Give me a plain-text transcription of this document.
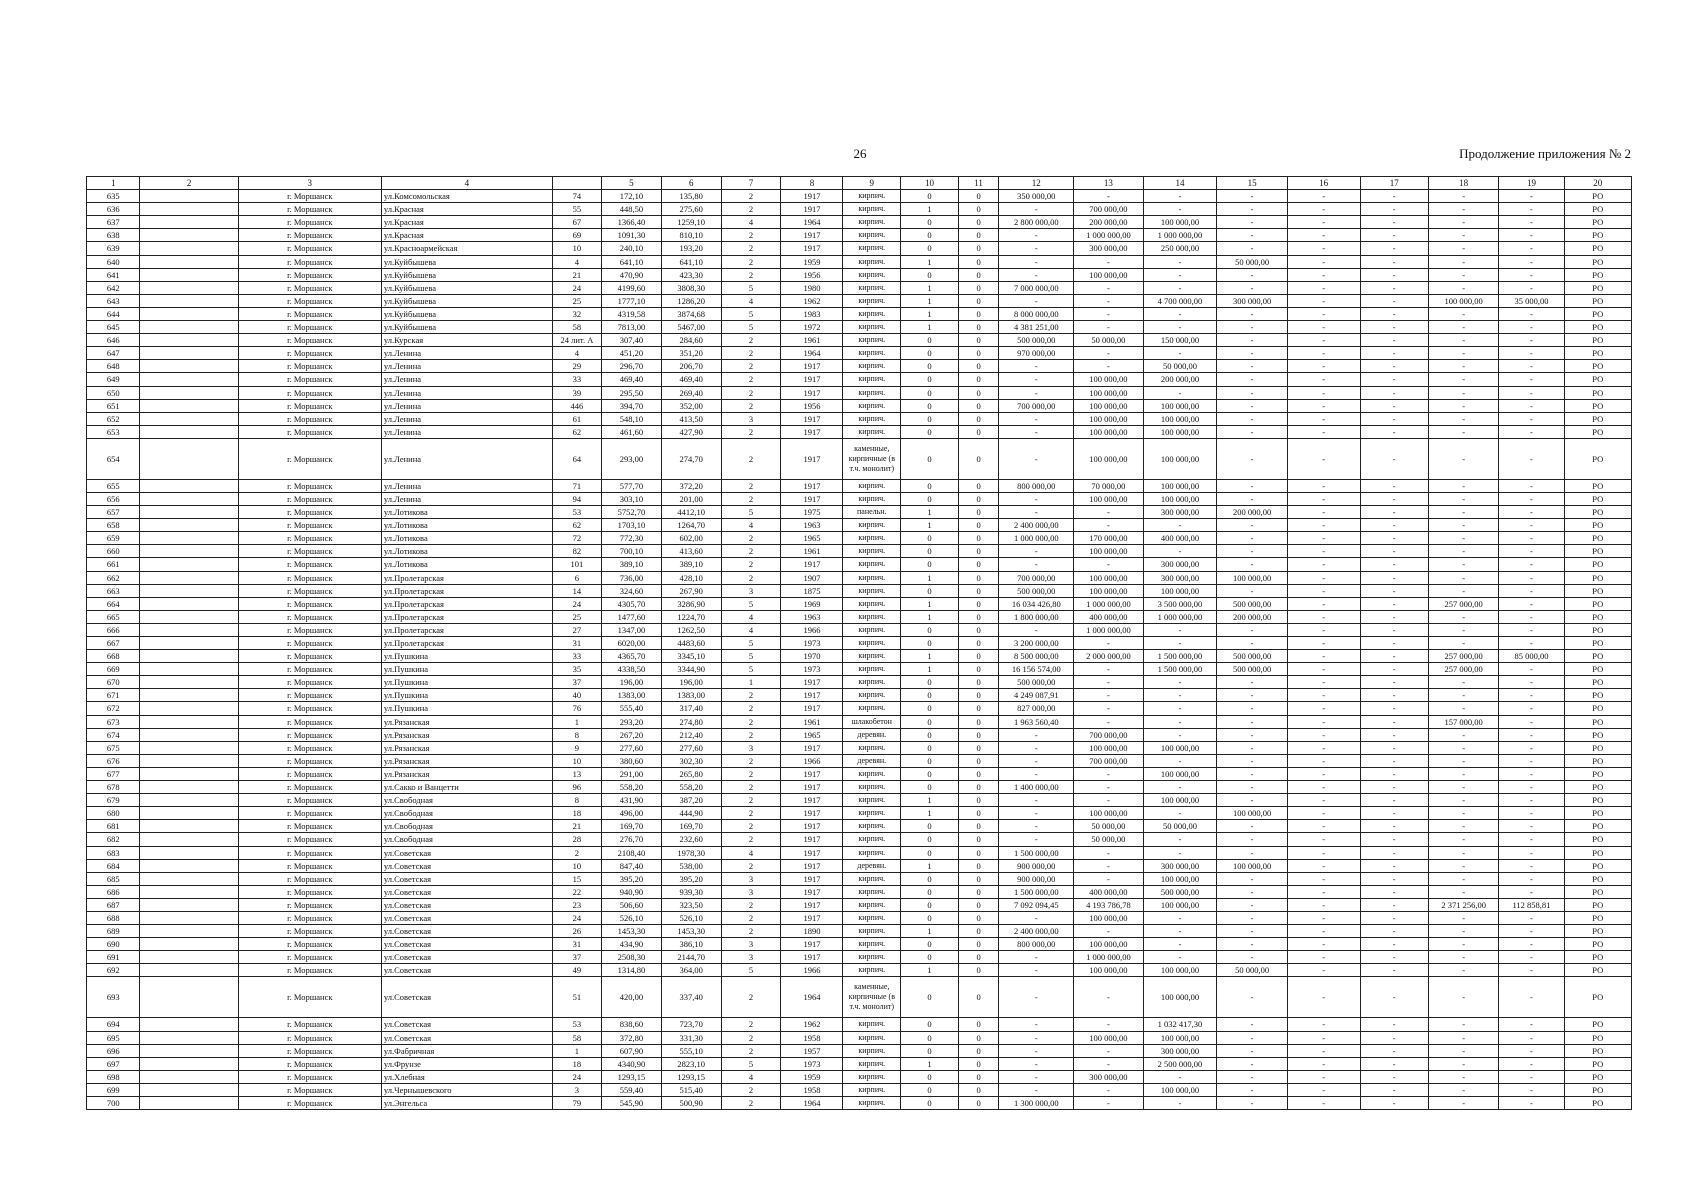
26	Продолжение приложения № 2
1	2	3	4		5	6	7	8	9	10	11	12	13	14	15	16	17	18	19	20
635		г. Моршанск	ул.Комсомольская	74	172,10	135,80	2	1917	кирпич.	0	0	350 000,00	-	-	-	-	-	-	-	РО
636		г. Моршанск	ул.Красная	55	448,50	275,60	2	1917	кирпич.	1	0	-	700 000,00	-	-	-	-	-	-	РО
637		г. Моршанск	ул.Красная	67	1366,40	1259,10	4	1964	кирпич.	0	0	2 800 000,00	200 000,00	100 000,00	-	-	-	-	-	РО
638		г. Моршанск	ул.Красная	69	1091,30	810,10	2	1917	кирпич.	0	0	-	1 000 000,00	1 000 000,00	-	-	-	-	-	РО
639		г. Моршанск	ул.Красноармейская	10	240,10	193,20	2	1917	кирпич.	0	0	-	300 000,00	250 000,00	-	-	-	-	-	РО
640		г. Моршанск	ул.Куйбышева	4	641,10	641,10	2	1959	кирпич.	1	0	-	-	-	50 000,00	-	-	-	-	РО
641		г. Моршанск	ул.Куйбышева	21	470,90	423,30	2	1956	кирпич.	0	0	-	100 000,00	-	-	-	-	-	-	РО
642		г. Моршанск	ул.Куйбышева	24	4199,60	3808,30	5	1980	кирпич.	1	0	7 000 000,00	-	-	-	-	-	-	-	РО
643		г. Моршанск	ул.Куйбышева	25	1777,10	1286,20	4	1962	кирпич.	1	0	-	-	4 700 000,00	300 000,00	-	-	100 000,00	35 000,00	РО
644		г. Моршанск	ул.Куйбышева	32	4319,58	3874,68	5	1983	кирпич.	1	0	8 000 000,00	-	-	-	-	-	-	-	РО
645		г. Моршанск	ул.Куйбышева	58	7813,00	5467,00	5	1972	кирпич.	1	0	4 381 251,00	-	-	-	-	-	-	-	РО
646		г. Моршанск	ул.Курская	24 лит. А	307,40	284,60	2	1961	кирпич.	0	0	500 000,00	50 000,00	150 000,00	-	-	-	-	-	РО
647		г. Моршанск	ул.Ленина	4	451,20	351,20	2	1964	кирпич.	0	0	970 000,00	-	-	-	-	-	-	-	РО
648		г. Моршанск	ул.Ленина	29	296,70	206,70	2	1917	кирпич.	0	0	-	-	50 000,00	-	-	-	-	-	РО
649		г. Моршанск	ул.Ленина	33	469,40	469,40	2	1917	кирпич.	0	0	-	100 000,00	200 000,00	-	-	-	-	-	РО
650		г. Моршанск	ул.Ленина	39	295,50	269,40	2	1917	кирпич.	0	0	-	100 000,00	-	-	-	-	-	-	РО
651		г. Моршанск	ул.Ленина	446	394,70	352,00	2	1956	кирпич.	0	0	700 000,00	100 000,00	100 000,00	-	-	-	-	-	РО
652		г. Моршанск	ул.Ленина	61	548,10	413,50	3	1917	кирпич.	0	0	-	100 000,00	100 000,00	-	-	-	-	-	РО
653		г. Моршанск	ул.Ленина	62	461,60	427,90	2	1917	кирпич.	0	0	-	100 000,00	100 000,00	-	-	-	-	-	РО
654		г. Моршанск	ул.Ленина	64	293,00	274,70	2	1917	каменные, кирпичные (в т.ч. монолит)	0	0	-	100 000,00	100 000,00	-	-	-	-	-	РО
655		г. Моршанск	ул.Ленина	71	577,70	372,20	2	1917	кирпич.	0	0	800 000,00	70 000,00	100 000,00	-	-	-	-	-	РО
656		г. Моршанск	ул.Ленина	94	303,10	201,00	2	1917	кирпич.	0	0	-	100 000,00	100 000,00	-	-	-	-	-	РО
657		г. Моршанск	ул.Лотикова	53	5752,70	4412,10	5	1975	панельн.	1	0	-	-	300 000,00	200 000,00	-	-	-	-	РО
658		г. Моршанск	ул.Лотикова	62	1703,10	1264,70	4	1963	кирпич.	1	0	2 400 000,00	-	-	-	-	-	-	-	РО
659		г. Моршанск	ул.Лотикова	72	772,30	602,00	2	1965	кирпич.	0	0	1 000 000,00	170 000,00	400 000,00	-	-	-	-	-	РО
660		г. Моршанск	ул.Лотикова	82	700,10	413,60	2	1961	кирпич.	0	0	-	100 000,00	-	-	-	-	-	-	РО
661		г. Моршанск	ул.Лотикова	101	389,10	389,10	2	1917	кирпич.	0	0	-	-	300 000,00	-	-	-	-	-	РО
662		г. Моршанск	ул.Пролетарская	6	736,00	428,10	2	1907	кирпич.	1	0	700 000,00	100 000,00	300 000,00	100 000,00	-	-	-	-	РО
663		г. Моршанск	ул.Пролетарская	14	324,60	267,90	3	1875	кирпич.	0	0	500 000,00	100 000,00	100 000,00	-	-	-	-	-	РО
664		г. Моршанск	ул.Пролетарская	24	4305,70	3286,90	5	1969	кирпич.	1	0	16 034 426,80	1 000 000,00	3 500 000,00	500 000,00	-	-	257 000,00	-	РО
665		г. Моршанск	ул.Пролетарская	25	1477,60	1224,70	4	1963	кирпич.	1	0	1 800 000,00	400 000,00	1 000 000,00	200 000,00	-	-	-	-	РО
666		г. Моршанск	ул.Пролетарская	27	1347,00	1262,50	4	1966	кирпич.	0	0	-	1 000 000,00	-	-	-	-	-	-	РО
667		г. Моршанск	ул.Пролетарская	31	6020,00	4483,60	5	1973	кирпич.	0	0	3 200 000,00	-	-	-	-	-	-	-	РО
668		г. Моршанск	ул.Пушкина	33	4365,70	3345,10	5	1970	кирпич.	1	0	8 500 000,00	2 000 000,00	1 500 000,00	500 000,00	-	-	257 000,00	85 000,00	РО
669		г. Моршанск	ул.Пушкина	35	4338,50	3344,90	5	1973	кирпич.	1	0	16 156 574,00	-	1 500 000,00	500 000,00	-	-	257 000,00	-	РО
670		г. Моршанск	ул.Пушкина	37	196,00	196,00	1	1917	кирпич.	0	0	500 000,00	-	-	-	-	-	-	-	РО
671		г. Моршанск	ул.Пушкина	40	1383,00	1383,00	2	1917	кирпич.	0	0	4 249 087,91	-	-	-	-	-	-	-	РО
672		г. Моршанск	ул.Пушкина	76	555,40	317,40	2	1917	кирпич.	0	0	827 000,00	-	-	-	-	-	-	-	РО
673		г. Моршанск	ул.Рязанская	1	293,20	274,80	2	1961	шлакобетон	0	0	1 963 560,40	-	-	-	-	-	157 000,00	-	РО
674		г. Моршанск	ул.Рязанская	8	267,20	212,40	2	1965	деревян.	0	0	-	700 000,00	-	-	-	-	-	-	РО
675		г. Моршанск	ул.Рязанская	9	277,60	277,60	3	1917	кирпич.	0	0	-	100 000,00	100 000,00	-	-	-	-	-	РО
676		г. Моршанск	ул.Рязанская	10	380,60	302,30	2	1966	деревян.	0	0	-	700 000,00	-	-	-	-	-	-	РО
677		г. Моршанск	ул.Рязанская	13	291,00	265,80	2	1917	кирпич.	0	0	-	-	100 000,00	-	-	-	-	-	РО
678		г. Моршанск	ул.Сакко и Ванцетти	96	558,20	558,20	2	1917	кирпич.	0	0	1 400 000,00	-	-	-	-	-	-	-	РО
679		г. Моршанск	ул.Свободная	8	431,90	387,20	2	1917	кирпич.	1	0	-	-	100 000,00	-	-	-	-	-	РО
680		г. Моршанск	ул.Свободная	18	496,00	444,90	2	1917	кирпич.	1	0	-	100 000,00	-	100 000,00	-	-	-	-	РО
681		г. Моршанск	ул.Свободная	21	169,70	169,70	2	1917	кирпич.	0	0	-	50 000,00	50 000,00	-	-	-	-	-	РО
682		г. Моршанск	ул.Свободная	28	276,70	232,60	2	1917	кирпич.	0	0	-	50 000,00	-	-	-	-	-	-	РО
683		г. Моршанск	ул.Советская	2	2108,40	1978,30	4	1917	кирпич.	0	0	1 500 000,00	-	-	-	-	-	-	-	РО
684		г. Моршанск	ул.Советская	10	847,40	538,00	2	1917	деревян.	1	0	900 000,00	-	300 000,00	100 000,00	-	-	-	-	РО
685		г. Моршанск	ул.Советская	15	395,20	395,20	3	1917	кирпич.	0	0	900 000,00	-	100 000,00	-	-	-	-	-	РО
686		г. Моршанск	ул.Советская	22	940,90	939,30	3	1917	кирпич.	0	0	1 500 000,00	400 000,00	500 000,00	-	-	-	-	-	РО
687		г. Моршанск	ул.Советская	23	506,60	323,50	2	1917	кирпич.	0	0	7 092 094,45	4 193 786,78	100 000,00	-	-	-	2 371 256,00	112 858,81	РО
688		г. Моршанск	ул.Советская	24	526,10	526,10	2	1917	кирпич.	0	0	-	100 000,00	-	-	-	-	-	-	РО
689		г. Моршанск	ул.Советская	26	1453,30	1453,30	2	1890	кирпич.	1	0	2 400 000,00	-	-	-	-	-	-	-	РО
690		г. Моршанск	ул.Советская	31	434,90	386,10	3	1917	кирпич.	0	0	800 000,00	100 000,00	-	-	-	-	-	-	РО
691		г. Моршанск	ул.Советская	37	2508,30	2144,70	3	1917	кирпич.	0	0	-	1 000 000,00	-	-	-	-	-	-	РО
692		г. Моршанск	ул.Советская	49	1314,80	364,00	5	1966	кирпич.	1	0	-	100 000,00	100 000,00	50 000,00	-	-	-	-	РО
693		г. Моршанск	ул.Советская	51	420,00	337,40	2	1964	каменные, кирпичные (в т.ч. монолит)	0	0	-	-	100 000,00	-	-	-	-	-	РО
694		г. Моршанск	ул.Советская	53	838,60	723,70	2	1962	кирпич.	0	0	-	-	1 032 417,30	-	-	-	-	-	РО
695		г. Моршанск	ул.Советская	58	372,80	331,30	2	1958	кирпич.	0	0	-	100 000,00	100 000,00	-	-	-	-	-	РО
696		г. Моршанск	ул.Фабричная	1	607,90	555,10	2	1957	кирпич.	0	0	-	-	300 000,00	-	-	-	-	-	РО
697		г. Моршанск	ул.Фрунзе	18	4340,90	2823,10	5	1973	кирпич.	1	0	-	-	2 500 000,00	-	-	-	-	-	РО
698		г. Моршанск	ул.Хлебная	24	1293,15	1293,15	4	1959	кирпич.	0	0	-	300 000,00	-	-	-	-	-	-	РО
699		г. Моршанск	ул.Чернышевского	3	559,40	515,40	2	1958	кирпич.	0	0	-	-	100 000,00	-	-	-	-	-	РО
700		г. Моршанск	ул.Энгельса	79	545,90	500,90	2	1964	кирпич.	0	0	1 300 000,00	-	-	-	-	-	-	-	РО
